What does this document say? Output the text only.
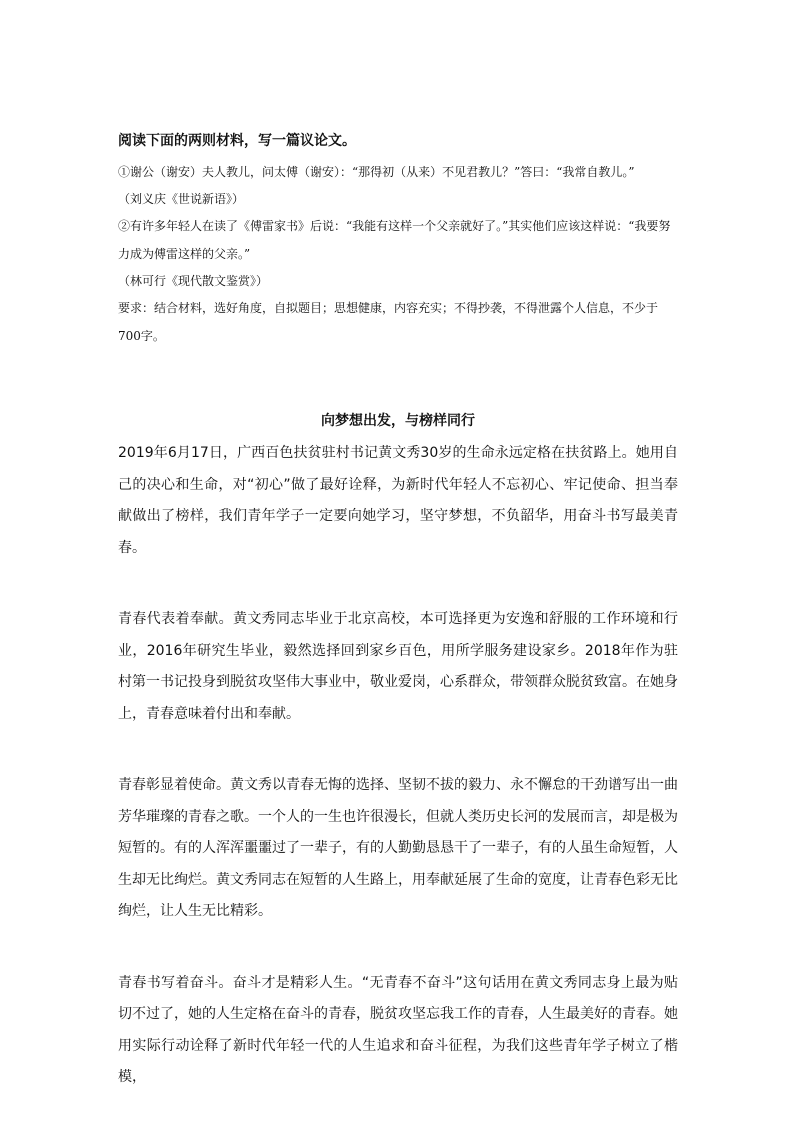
阅读下面的两则材料，写一篇议论文。

①谢公（谢安）夫人教儿，问太傅（谢安）：“那得初（从来）不见君教儿？”答曰：“我常自教儿。”

（刘义庆《世说新语》）

②有许多年轻人在读了《傅雷家书》后说：“我能有这样一个父亲就好了。”其实他们应该这样说：“我要努力成为傅雷这样的父亲。”

（林可行《现代散文鉴赏》）

要求：结合材料，选好角度，自拟题目；思想健康，内容充实；不得抄袭，不得泄露个人信息，不少于700字。

向梦想出发，与榜样同行

2019年6月17日，广西百色扶贫驻村书记黄文秀30岁的生命永远定格在扶贫路上。她用自己的决心和生命，对“初心”做了最好诠释，为新时代年轻人不忘初心、牢记使命、担当奉献做出了榜样，我们青年学子一定要向她学习，坚守梦想，不负韶华，用奋斗书写最美青春。

青春代表着奉献。黄文秀同志毕业于北京高校，本可选择更为安逸和舒服的工作环境和行业，2016年研究生毕业，毅然选择回到家乡百色，用所学服务建设家乡。2018年作为驻村第一书记投身到脱贫攻坚伟大事业中，敬业爱岗，心系群众，带领群众脱贫致富。在她身上，青春意味着付出和奉献。

青春彰显着使命。黄文秀以青春无悔的选择、坚韧不拔的毅力、永不懈怠的干劲谱写出一曲芳华璀璨的青春之歌。一个人的一生也许很漫长，但就人类历史长河的发展而言，却是极为短暂的。有的人浑浑噩噩过了一辈子，有的人勤勤恳恳干了一辈子，有的人虽生命短暂，人生却无比绚烂。黄文秀同志在短暂的人生路上，用奉献延展了生命的宽度，让青春色彩无比绚烂，让人生无比精彩。

青春书写着奋斗。奋斗才是精彩人生。“无青春不奋斗”这句话用在黄文秀同志身上最为贴切不过了，她的人生定格在奋斗的青春，脱贫攻坚忘我工作的青春，人生最美好的青春。她用实际行动诠释了新时代年轻一代的人生追求和奋斗征程，为我们这些青年学子树立了楷模，
